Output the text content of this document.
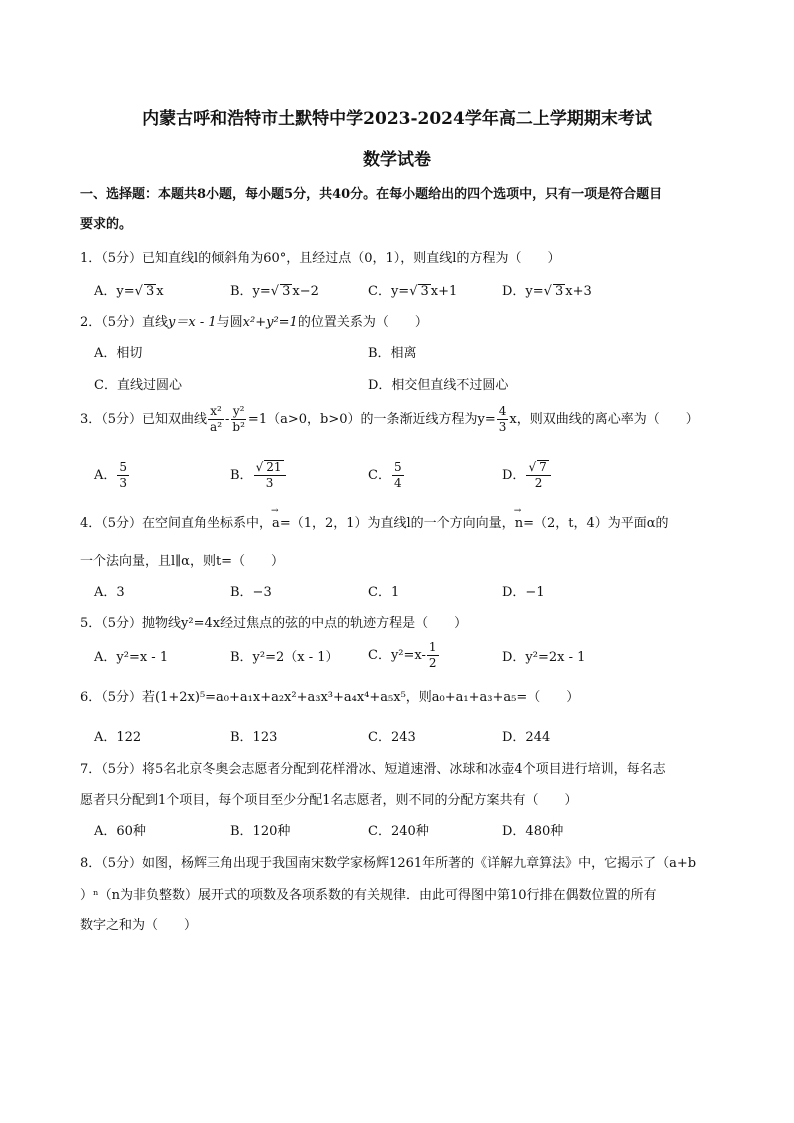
内蒙古呼和浩特市土默特中学2023-2024学年高二上学期期末考试
数学试卷
一、选择题：本题共8小题，每小题5分，共40分。在每小题给出的四个选项中，只有一项是符合题目
要求的。
1．（5分）已知直线l的倾斜角为60°，且经过点（0，1），则直线l的方程为（　　）
A．y=√ 3 x	B．y=√ 3 x−2	C．y=√ 3 x+1	D．y=√ 3 x+3
2．（5分）直线y＝x - 1与圆x²+y²=1的位置关系为（　　）
A．相切	B．相离
C．直线过圆心	D．相交但直线不过圆心
3．（5分）已知双曲线 $\frac{\text{x²}}{\text{a²}} - \frac{\text{y²}}{\text{b²}} =1(a>0$，b>0）的一条渐近线方程为$y= \frac{4}{3}$ x，则双曲线的离心率为（　　）
A． $\frac{5}{3}$	B． $\frac{√ 21}{3}$	C． $\frac{5}{4}$	D． $\frac{√ 7}{2}$
4．（5分）在空间直角坐标系中，→ a=（1，2，1）为直线l的一个方向向量，→ n=（2，t，4）为平面α的
一个法向量，且l∥α，则t=（　　）
A．3	B．−3	C．1	D．−1
5．（5分）抛物线y²=4x经过焦点的弦的中点的轨迹方程是（　　）
A．y²=x - 1	B．y²=2（x - 1） C．$y^2=x- \frac{1}{2}$	D．y²=2x - 1
6．（5分）若(1+2x)⁵=a₀+a₁x+a₂x²+a₃x³+a₄x⁴+a₅x⁵，则a₀+a₁+a₃+a₅=（　　）
A．122	B．123	C．243	D．244
7．（5分）将5名北京冬奥会志愿者分配到花样滑冰、短道速滑、冰球和冰壶4个项目进行培训，每名志
愿者只分配到1个项目，每个项目至少分配1名志愿者，则不同的分配方案共有（　　）
A．60种	B．120种	C．240种	D．480种
8．（5分）如图，杨辉三角出现于我国南宋数学家杨辉1261年所著的《详解九章算法》中，它揭示了（a+b
）ⁿ（n为非负整数）展开式的项数及各项系数的有关规律．由此可得图中第10行排在偶数位置的所有
数字之和为（　　）
